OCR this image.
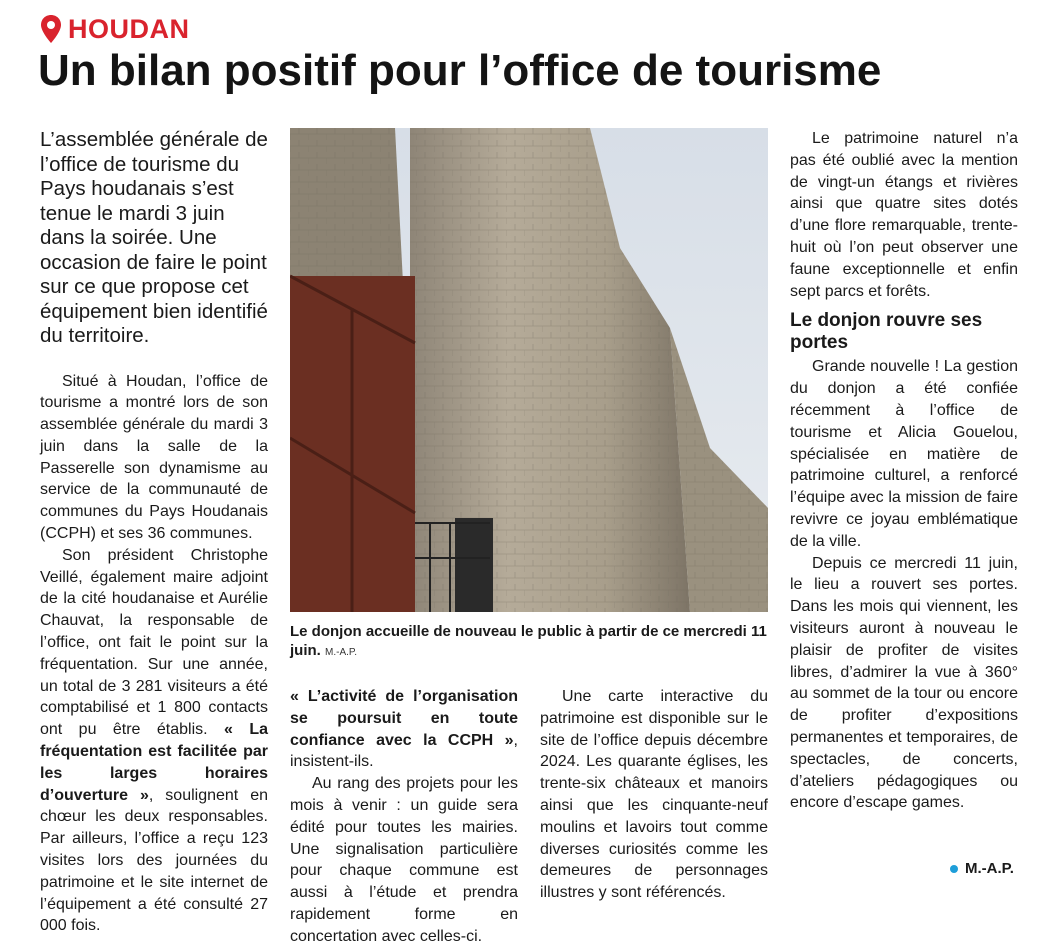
HOUDAN
Un bilan positif pour l’office de tourisme

L’assemblée générale de l’office de tourisme du Pays houdanais s’est tenue le mardi 3 juin dans la soirée. Une occasion de faire le point sur ce que propose cet équipement bien identifié du territoire.

Situé à Houdan, l’office de tourisme a montré lors de son assemblée générale du mardi 3 juin dans la salle de la Passerelle son dynamisme au service de la communauté de communes du Pays Houdanais (CCPH) et ses 36 communes.

Son président Christophe Veillé, également maire adjoint de la cité houdanaise et Aurélie Chauvat, la responsable de l’office, ont fait le point sur la fréquentation. Sur une année, un total de 3 281 visiteurs a été comptabilisé et 1 800 contacts ont pu être établis. « La fréquentation est facilitée par les larges horaires d’ouverture », soulignent en chœur les deux responsables. Par ailleurs, l’office a reçu 123 visites lors des journées du patrimoine et le site internet de l’équipement a été consulté 27 000 fois.

Le donjon accueille de nouveau le public à partir de ce mercredi 11 juin. M.-A.P.

« L’activité de l’organisation se poursuit en toute confiance avec la CCPH », insistent-ils.

Au rang des projets pour les mois à venir : un guide sera édité pour toutes les mairies. Une signalisation particulière pour chaque commune est aussi à l’étude et prendra rapidement forme en concertation avec celles-ci.

Une carte interactive du patrimoine est disponible sur le site de l’office depuis décembre 2024. Les quarante églises, les trente-six châteaux et manoirs ainsi que les cinquante-neuf moulins et lavoirs tout comme diverses curiosités comme les demeures de personnages illustres y sont référencés.

Le patrimoine naturel n’a pas été oublié avec la mention de vingt-un étangs et rivières ainsi que quatre sites dotés d’une flore remarquable, trente-huit où l’on peut observer une faune exceptionnelle et enfin sept parcs et forêts.

Le donjon rouvre ses portes

Grande nouvelle ! La gestion du donjon a été confiée récemment à l’office de tourisme et Alicia Gouelou, spécialisée en matière de patrimoine culturel, a renforcé l’équipe avec la mission de faire revivre ce joyau emblématique de la ville.

Depuis ce mercredi 11 juin, le lieu a rouvert ses portes. Dans les mois qui viennent, les visiteurs auront à nouveau le plaisir de profiter de visites libres, d’admirer la vue à 360° au sommet de la tour ou encore de profiter d’expositions permanentes et temporaires, de spectacles, de concerts, d’ateliers pédagogiques ou encore d’escape games.

M.-A.P.
